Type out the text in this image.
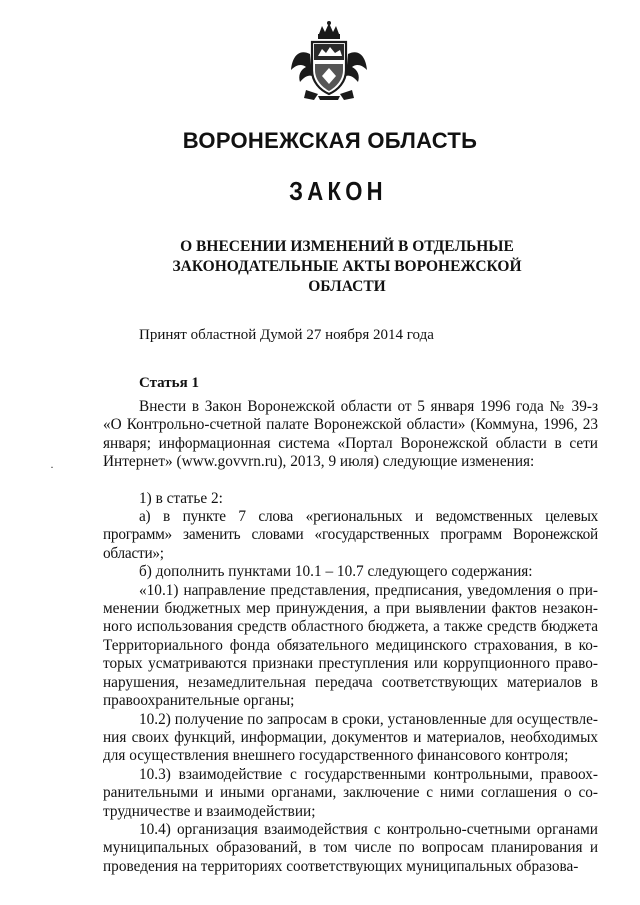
ВОРОНЕЖСКАЯ ОБЛАСТЬ
ЗАКОН
О ВНЕСЕНИИ ИЗМЕНЕНИЙ В ОТДЕЛЬНЫЕ ЗАКОНОДАТЕЛЬНЫЕ АКТЫ ВОРОНЕЖСКОЙ ОБЛАСТИ
Принят областной Думой 27 ноября 2014 года
Статья 1

Внести в Закон Воронежской области от 5 января 1996 года № 39-з «О Контрольно-счетной палате Воронежской области» (Коммуна, 1996, 23 января; информационная система «Портал Воронежской области в сети Интернет» (www.govvrn.ru), 2013, 9 июля) следующие изменения:

1) в статье 2:

а) в пункте 7 слова «региональных и ведомственных целевых программ» заменить словами «государственных программ Воронежской области»;

б) дополнить пунктами 10.1 – 10.7 следующего содержания:

«10.1) направление представления, предписания, уведомления о применении бюджетных мер принуждения, а при выявлении фактов незаконного использования средств областного бюджета, а также средств бюджета Территориального фонда обязательного медицинского страхования, в которых усматриваются признаки преступления или коррупционного правонарушения, незамедлительная передача соответствующих материалов в правоохранительные органы;

10.2) получение по запросам в сроки, установленные для осуществления своих функций, информации, документов и материалов, необходимых для осуществления внешнего государственного финансового контроля;

10.3) взаимодействие с государственными контрольными, правоохранительными и иными органами, заключение с ними соглашения о сотрудничестве и взаимодействии;

10.4) организация взаимодействия с контрольно-счетными органами муниципальных образований, в том числе по вопросам планирования и проведения на территориях соответствующих муниципальных образова-

·
